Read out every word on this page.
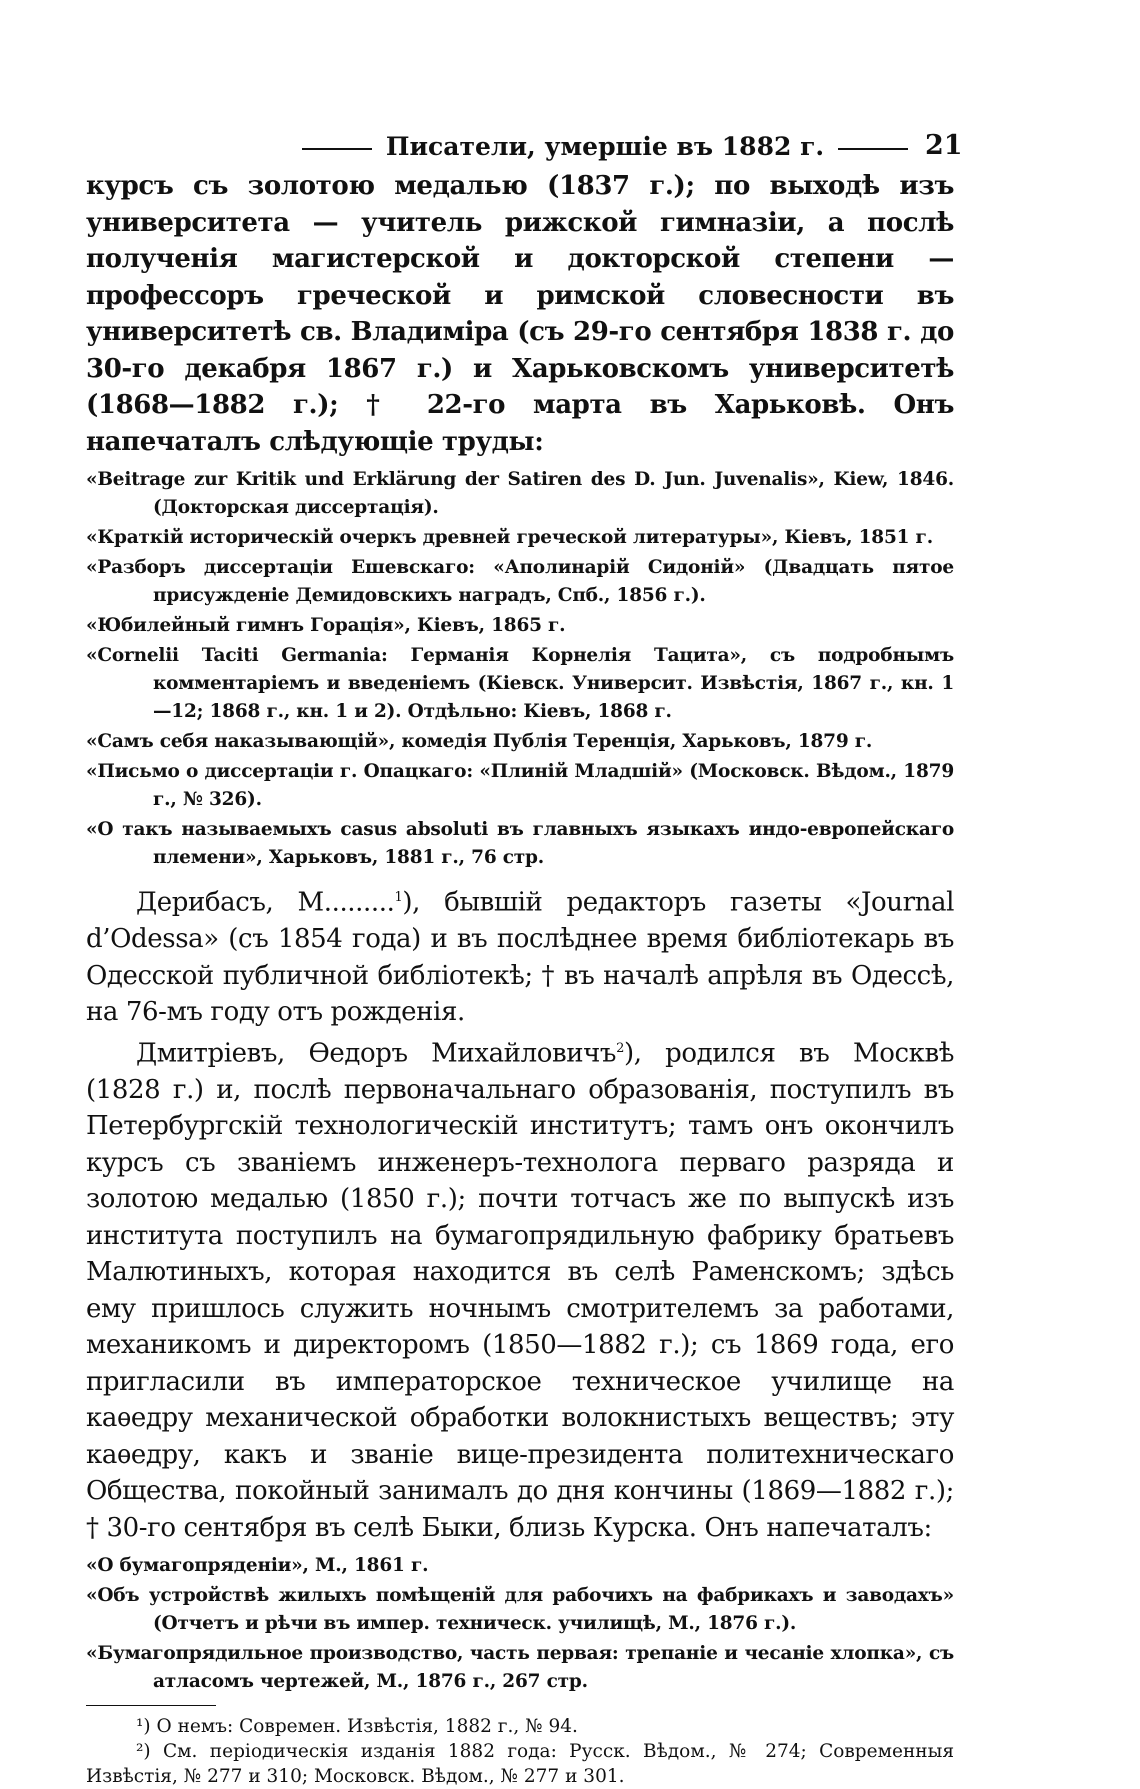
Писатели, умершіе въ 1882 г.	21

курсъ съ золотою медалью (1837 г.); по выходѣ изъ университета — учитель рижской гимназіи, а послѣ полученія магистерской и докторской степени — профессоръ греческой и римской словесности въ университетѣ св. Владиміра (съ 29-го сентября 1838 г. до 30-го декабря 1867 г.) и Харьковскомъ университетѣ (1868—1882 г.); † 22-го марта въ Харьковѣ. Онъ напечаталъ слѣдующіе труды:

«Beitrage zur Kritik und Erklärung der Satiren des D. Jun. Juvenalis», Kiew, 1846. (Докторская диссертація).

«Краткій историческій очеркъ древней греческой литературы», Кіевъ, 1851 г.

«Разборъ диссертаціи Ешевскаго: «Аполинарій Сидоній» (Двадцать пятое присужденіе Демидовскихъ наградъ, Спб., 1856 г.).

«Юбилейный гимнъ Горація», Кіевъ, 1865 г.

«Cornelii Taciti Germania: Германія Корнелія Тацита», съ подробнымъ комментаріемъ и введеніемъ (Кіевск. Университ. Извѣстія, 1867 г., кн. 1—12; 1868 г., кн. 1 и 2). Отдѣльно: Кіевъ, 1868 г.

«Самъ себя наказывающій», комедія Публія Теренція, Харьковъ, 1879 г.

«Письмо о диссертаціи г. Опацкаго: «Плиній Младшій» (Московск. Вѣдом., 1879 г., № 326).

«О такъ называемыхъ casus absoluti въ главныхъ языкахъ индо-европейскаго племени», Харьковъ, 1881 г., 76 стр.

Дерибасъ, М.........$^1$), бывшій редакторъ газеты «Journal d’Odessa» (съ 1854 года) и въ послѣднее время библіотекарь въ Одесской публичной библіотекѣ; † въ началѣ апрѣля въ Одессѣ, на 76-мъ году отъ рожденія.

Дмитріевъ, Өедоръ Михайловичъ$^2$), родился въ Москвѣ (1828 г.) и, послѣ первоначальнаго образованія, поступилъ въ Петербургскій технологическій институтъ; тамъ онъ окончилъ курсъ съ званіемъ инженеръ-технолога перваго разряда и золотою медалью (1850 г.); почти тотчасъ же по выпускѣ изъ института поступилъ на бумагопрядильную фабрику братьевъ Малютиныхъ, которая находится въ селѣ Раменскомъ; здѣсь ему пришлось служить ночнымъ смотрителемъ за работами, механикомъ и директоромъ (1850—1882 г.); съ 1869 года, его пригласили въ императорское техническое училище на каѳедру механической обработки волокнистыхъ веществъ; эту каѳедру, какъ и званіе вице-президента политехническаго Общества, покойный занималъ до дня кончины (1869—1882 г.); † 30-го сентября въ селѣ Быки, близь Курска. Онъ напечаталъ:

«О бумагопряденіи», М., 1861 г.

«Объ устройствѣ жилыхъ помѣщеній для рабочихъ на фабрикахъ и заводахъ» (Отчетъ и рѣчи въ импер. техническ. училищѣ, М., 1876 г.).

«Бумагопрядильное производство, часть первая: трепаніе и чесаніе хлопка», съ атласомъ чертежей, М., 1876 г., 267 стр.

¹) О немъ: Современ. Извѣстія, 1882 г., № 94.

²) См. періодическія изданія 1882 года: Русск. Вѣдом., № 274; Современныя Извѣстія, № 277 и 310; Московск. Вѣдом., № 277 и 301.
